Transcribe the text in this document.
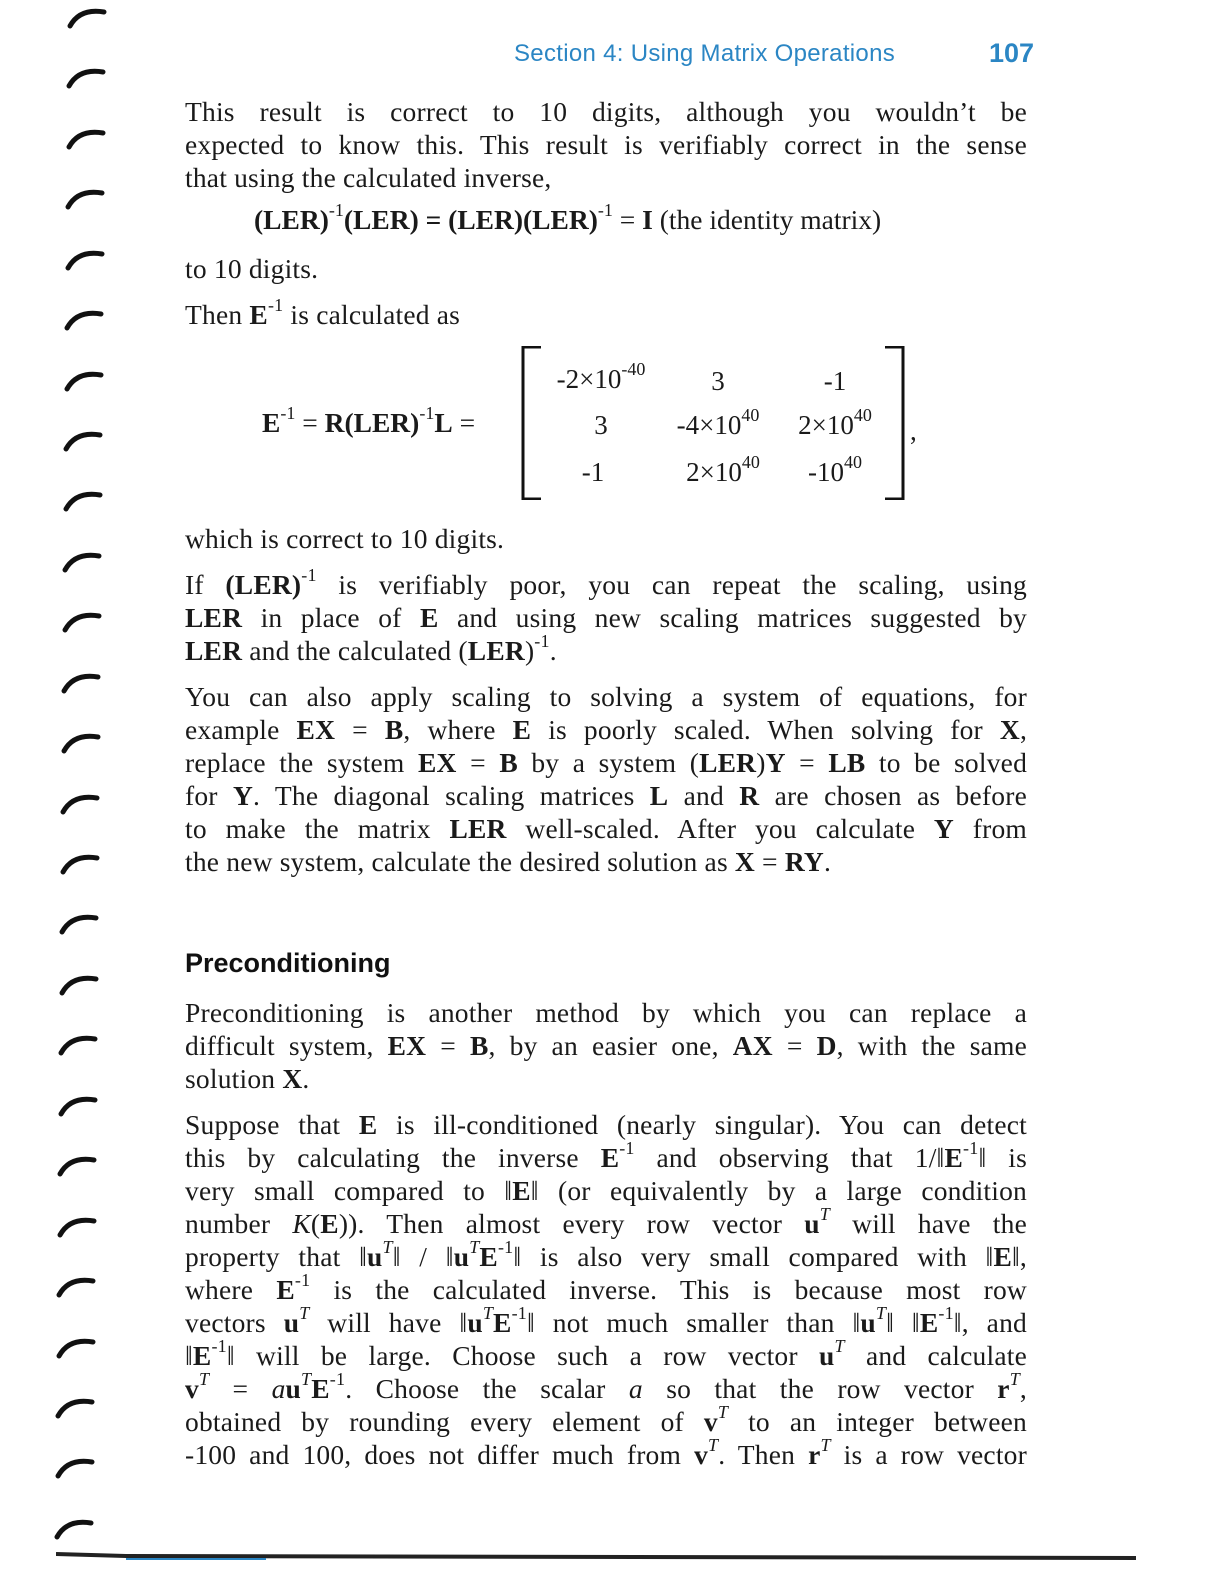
Section 4: Using Matrix Operations	107
This result is correct to 10 digits, although you wouldn’t be
expected to know this. This result is verifiably correct in the sense
that using the calculated inverse,
(LER)$^{-1}$(LER) = (LER)(LER)$^{-1}$ = I (the identity matrix)
to 10 digits.
Then $E^{-1}$ is calculated as
$E^{-1} = R(LER)^{-1}L$ =
$-2\times 10^{-40}$ 3	-1
3	$-4\times 10^{40}$ $2\times 10^{40}$
-1	$2\times 10^{40}$ $-10^{40}$
,
which is correct to 10 digits.
If (LER)$^{-1}$ is verifiably poor, you can repeat the scaling, using
LER in place of E and using new scaling matrices suggested by
LER and the calculated (LER)$^{-1}$.
You can also apply scaling to solving a system of equations, for
example EX = B, where E is poorly scaled. When solving for X,
replace the system EX = B by a system (LER)Y = LB to be solved
for Y. The diagonal scaling matrices L and R are chosen as before
to make the matrix LER well-scaled. After you calculate Y from
the new system, calculate the desired solution as X = RY.
Preconditioning
Preconditioning is another method by which you can replace a
difficult system, EX = B, by an easier one, AX = D, with the same
solution X.
Suppose that E is ill-conditioned (nearly singular). You can detect
this by calculating the inverse $E^{-1}$ and observing that $1/‖E^{-1}‖$ is
very small compared to ‖E‖ (or equivalently by a large condition
number K(E)). Then almost every row vector $u^T$ will have the
property that $‖u^T‖$ / $‖u^TE^{-1}‖$ is also very small compared with ‖E‖,
where $E^{-1}$ is the calculated inverse. This is because most row
vectors $u^T$ will have $‖u^TE^{-1}‖$ not much smaller than $‖u^T‖$ $‖E^{-1}‖$, and
$‖E^{-1}‖$ will be large. Choose such a row vector $u^T$ and calculate
$v^T = au^TE^{-1}$. Choose the scalar a so that the row vector $r^T$,
obtained by rounding every element of $v^T$ to an integer between
-100 and 100, does not differ much from $v^T$. Then $r^T$ is a row vector
